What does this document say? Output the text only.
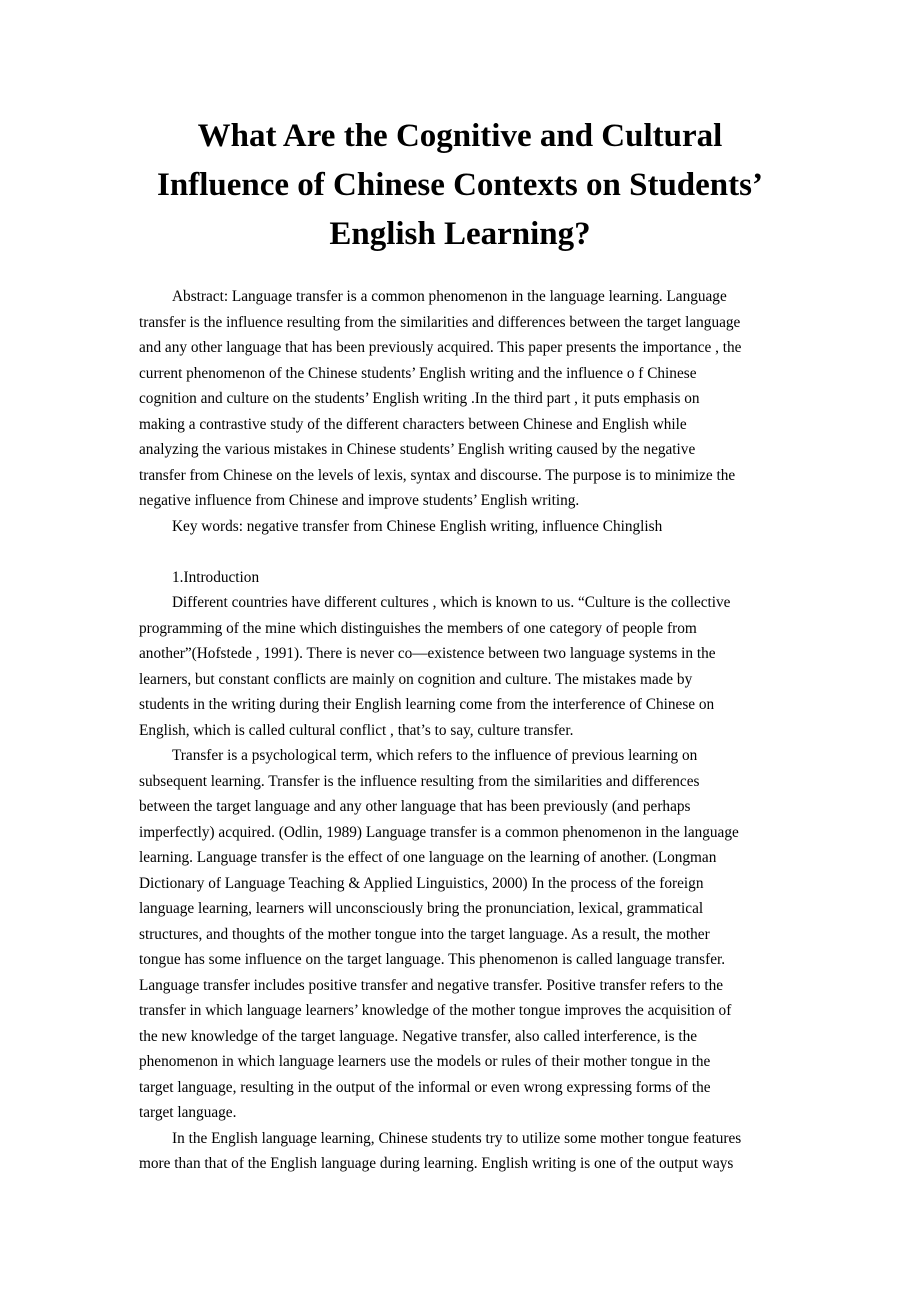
What Are the Cognitive and Cultural
Influence of Chinese Contexts on Students’
English Learning?
Abstract: Language transfer is a common phenomenon in the language learning. Language
transfer is the influence resulting from the similarities and differences between the target language
and any other language that has been previously acquired. This paper presents the importance , the
current phenomenon of the Chinese students’ English writing and the influence o f Chinese
cognition and culture on the students’ English writing .In the third part , it puts emphasis on
making a contrastive study of the different characters between Chinese and English while
analyzing the various mistakes in Chinese students’ English writing caused by the negative
transfer from Chinese on the levels of lexis, syntax and discourse. The purpose is to minimize the
negative influence from Chinese and improve students’ English writing.
Key words: negative transfer from Chinese English writing, influence Chinglish
1.Introduction
Different countries have different cultures , which is known to us. “Culture is the collective
programming of the mine which distinguishes the members of one category of people from
another”(Hofstede , 1991). There is never co—existence between two language systems in the
learners, but constant conflicts are mainly on cognition and culture. The mistakes made by
students in the writing during their English learning come from the interference of Chinese on
English, which is called cultural conflict , that’s to say, culture transfer.
Transfer is a psychological term, which refers to the influence of previous learning on
subsequent learning. Transfer is the influence resulting from the similarities and differences
between the target language and any other language that has been previously (and perhaps
imperfectly) acquired. (Odlin, 1989) Language transfer is a common phenomenon in the language
learning. Language transfer is the effect of one language on the learning of another. (Longman
Dictionary of Language Teaching & Applied Linguistics, 2000) In the process of the foreign
language learning, learners will unconsciously bring the pronunciation, lexical, grammatical
structures, and thoughts of the mother tongue into the target language. As a result, the mother
tongue has some influence on the target language. This phenomenon is called language transfer.
Language transfer includes positive transfer and negative transfer. Positive transfer refers to the
transfer in which language learners’ knowledge of the mother tongue improves the acquisition of
the new knowledge of the target language. Negative transfer, also called interference, is the
phenomenon in which language learners use the models or rules of their mother tongue in the
target language, resulting in the output of the informal or even wrong expressing forms of the
target language.
In the English language learning, Chinese students try to utilize some mother tongue features
more than that of the English language during learning. English writing is one of the output ways
